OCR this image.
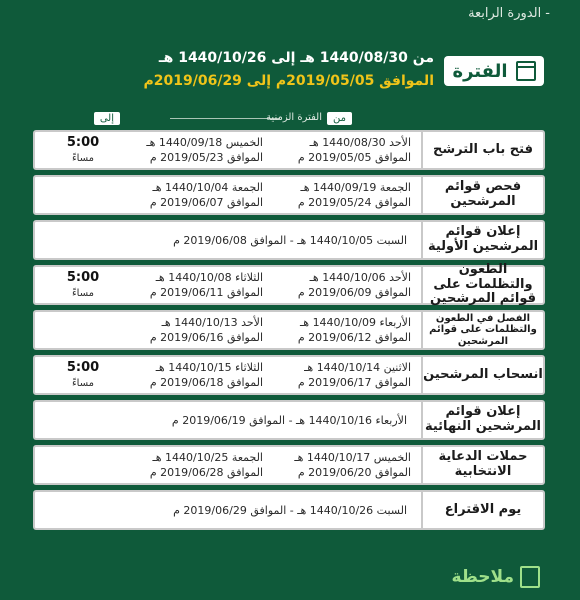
- الدورة الرابعة
الفترة
من 1440/08/30 هـ إلى 1440/10/26 هـ
الموافق 2019/05/05م إلى 2019/06/29م
من
الفترة الزمنية
إلى
فتح باب الترشح
الأحد 1440/08/30 هـ
الموافق 2019/05/05 م
الخميس 1440/09/18 هـ
الموافق 2019/05/23 م
5:00
مساءً
فحص قوائم المرشحين
الجمعة 1440/09/19 هـ
الموافق 2019/05/24 م
الجمعة 1440/10/04 هـ
الموافق 2019/06/07 م
إعلان قوائم المرشحين الأولية
السبت 1440/10/05 هـ - الموافق 2019/06/08 م
الطعون والتظلمات على قوائم المرشحين
الأحد 1440/10/06 هـ
الموافق 2019/06/09 م
الثلاثاء 1440/10/08 هـ
الموافق 2019/06/11 م
5:00
مساءً
الفصل في الطعون والتظلمات على قوائم المرشحين
الأربعاء 1440/10/09 هـ
الموافق 2019/06/12 م
الأحد 1440/10/13 هـ
الموافق 2019/06/16 م
انسحاب المرشحين
الاثنين 1440/10/14 هـ
الموافق 2019/06/17 م
الثلاثاء 1440/10/15 هـ
الموافق 2019/06/18 م
5:00
مساءً
إعلان قوائم المرشحين النهائية
الأربعاء 1440/10/16 هـ - الموافق 2019/06/19 م
حملات الدعاية الانتخابية
الخميس 1440/10/17 هـ
الموافق 2019/06/20 م
الجمعة 1440/10/25 هـ
الموافق 2019/06/28 م
يوم الاقتراع
السبت 1440/10/26 هـ - الموافق 2019/06/29 م
ملاحظة
